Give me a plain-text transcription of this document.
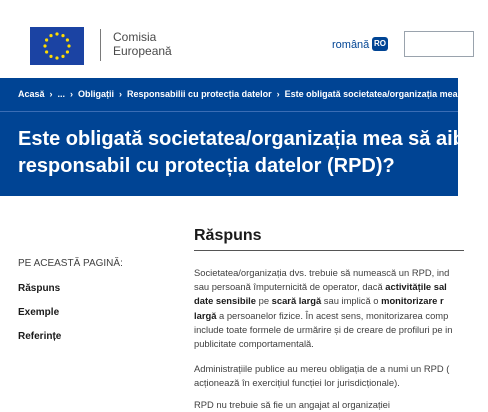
Comisia
Europeană	română RO
Acasă › ... › Obligații › Responsabilii cu protecția datelor › Este obligată societatea/organizația mea să aib
Este obligată societatea/organizația mea să aibă
responsabil cu protecția datelor (RPD)?
PE ACEASTĂ PAGINĂ:
Răspuns
Exemple
Referințe
Răspuns
Societatea/organizația dvs. trebuie să numească un RPD, ind
sau persoană împuternicită de operator, dacă activitățile sal
date sensibile pe scară largă sau implică o monitorizare r
largă a persoanelor fizice. În acest sens, monitorizarea comp
include toate formele de urmărire și de creare de profiluri pe in
publicitate comportamentală.
Administrațiile publice au mereu obligația de a numi un RPD (
acționează în exercițiul funcției lor jurisdicționale).
RPD nu trebuie să fie un angajat al organizației
